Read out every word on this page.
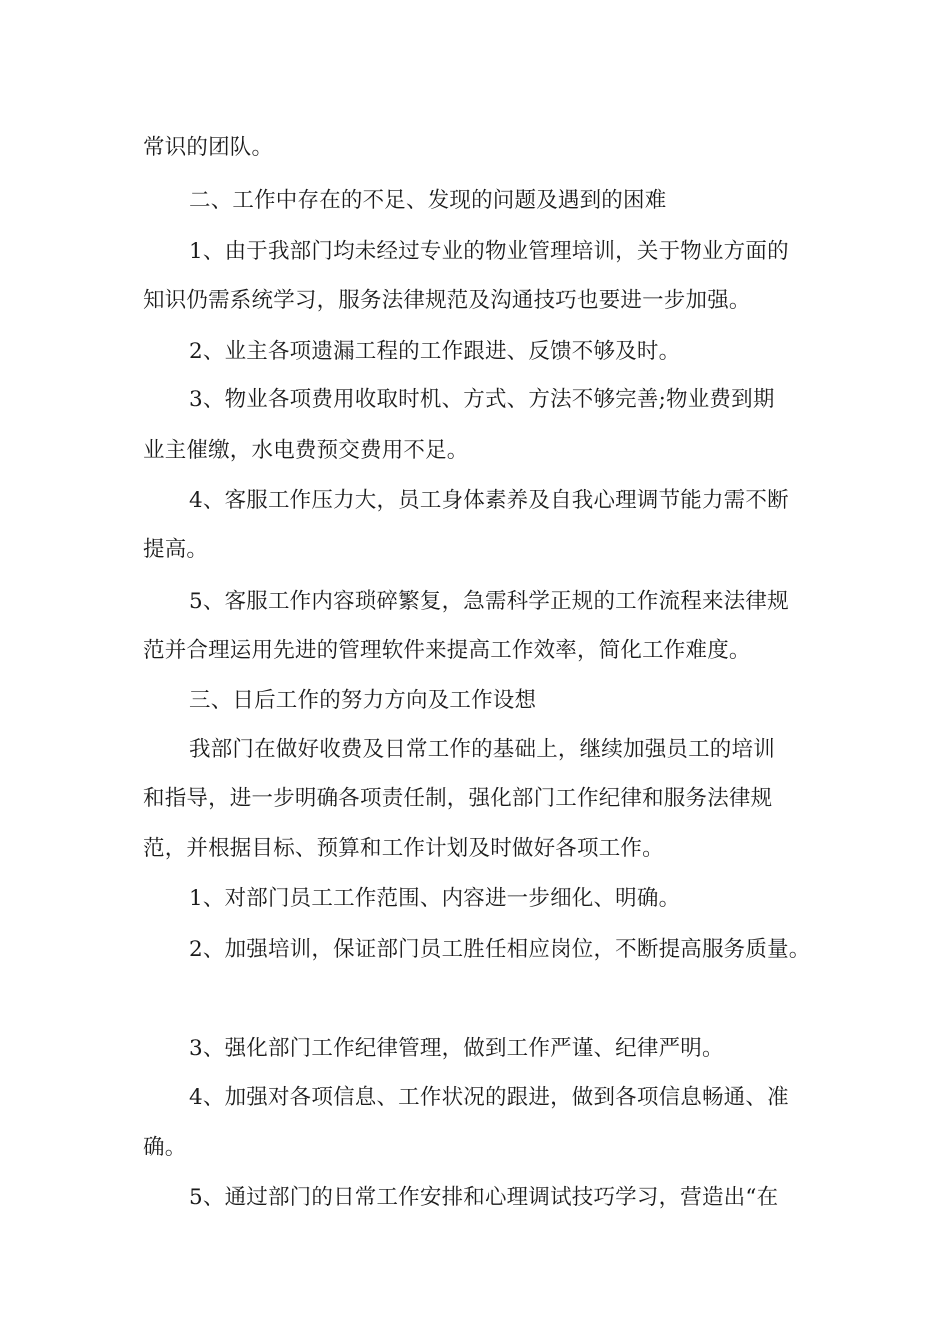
常识的团队。
二、工作中存在的不足、发现的问题及遇到的困难
1、由于我部门均未经过专业的物业管理培训，关于物业方面的
知识仍需系统学习，服务法律规范及沟通技巧也要进一步加强。
2、业主各项遗漏工程的工作跟进、反馈不够及时。
3、物业各项费用收取时机、方式、方法不够完善;物业费到期
业主催缴，水电费预交费用不足。
4、客服工作压力大，员工身体素养及自我心理调节能力需不断
提高。
5、客服工作内容琐碎繁复，急需科学正规的工作流程来法律规
范并合理运用先进的管理软件来提高工作效率，简化工作难度。
三、日后工作的努力方向及工作设想
我部门在做好收费及日常工作的基础上，继续加强员工的培训
和指导，进一步明确各项责任制，强化部门工作纪律和服务法律规
范，并根据目标、预算和工作计划及时做好各项工作。
1、对部门员工工作范围、内容进一步细化、明确。
2、加强培训，保证部门员工胜任相应岗位，不断提高服务质量。
3、强化部门工作纪律管理，做到工作严谨、纪律严明。
4、加强对各项信息、工作状况的跟进，做到各项信息畅通、准
确。
5、通过部门的日常工作安排和心理调试技巧学习，营造出“在
